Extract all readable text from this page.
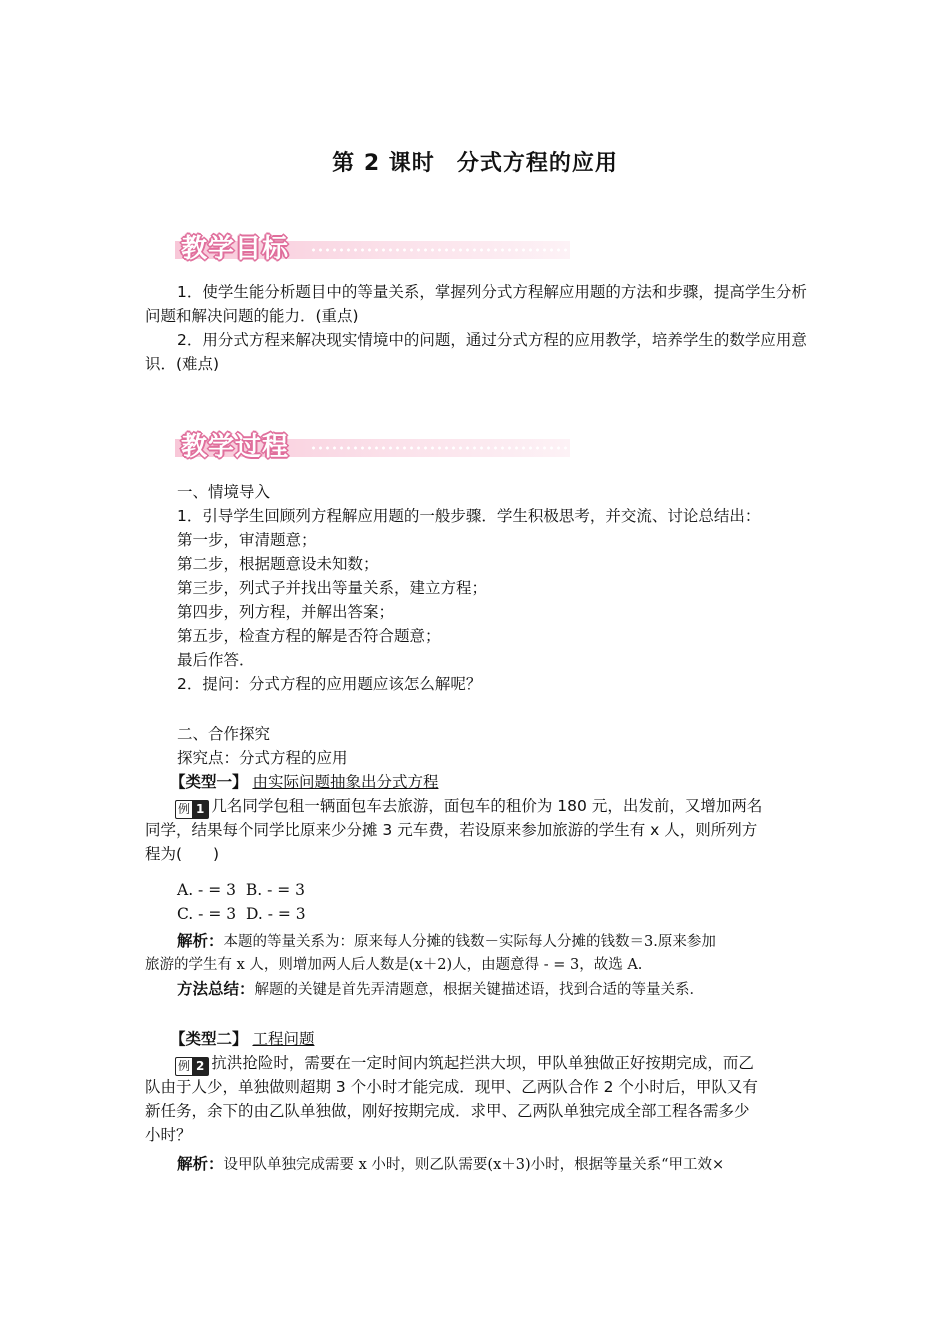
第 2 课时 分式方程的应用
教学目标
1．使学生能分析题目中的等量关系，掌握列分式方程解应用题的方法和步骤，提高学生分析问题和解决问题的能力．(重点)
2．用分式方程来解决现实情境中的问题，通过分式方程的应用教学，培养学生的数学应用意识．(难点)
教学过程
一、情境导入
1．引导学生回顾列方程解应用题的一般步骤．学生积极思考，并交流、讨论总结出：
第一步，审清题意；
第二步，根据题意设未知数；
第三步，列式子并找出等量关系，建立方程；
第四步，列方程，并解出答案；
第五步，检查方程的解是否符合题意；
最后作答．
2．提问：分式方程的应用题应该怎么解呢？
二、合作探究
探究点：分式方程的应用
【类型一】 由实际问题抽象出分式方程
例 1 几名同学包租一辆面包车去旅游，面包车的租价为 180 元，出发前，又增加两名
同学，结果每个同学比原来少分摊 3 元车费，若设原来参加旅游的学生有 x 人，则所列方
程为(　　)
A. - = 3 B. - = 3
C. - = 3 D. - = 3
解析：本题的等量关系为：原来每人分摊的钱数－实际每人分摊的钱数＝3.原来参加
旅游的学生有 x 人，则增加两人后人数是(x＋2)人，由题意得 - = 3，故选 A.
方法总结：解题的关键是首先弄清题意，根据关键描述语，找到合适的等量关系．
【类型二】 工程问题
例 2 抗洪抢险时，需要在一定时间内筑起拦洪大坝，甲队单独做正好按期完成，而乙
队由于人少，单独做则超期 3 个小时才能完成．现甲、乙两队合作 2 个小时后，甲队又有
新任务，余下的由乙队单独做，刚好按期完成．求甲、乙两队单独完成全部工程各需多少
小时？
解析：设甲队单独完成需要 x 小时，则乙队需要(x＋3)小时，根据等量关系“甲工效×
